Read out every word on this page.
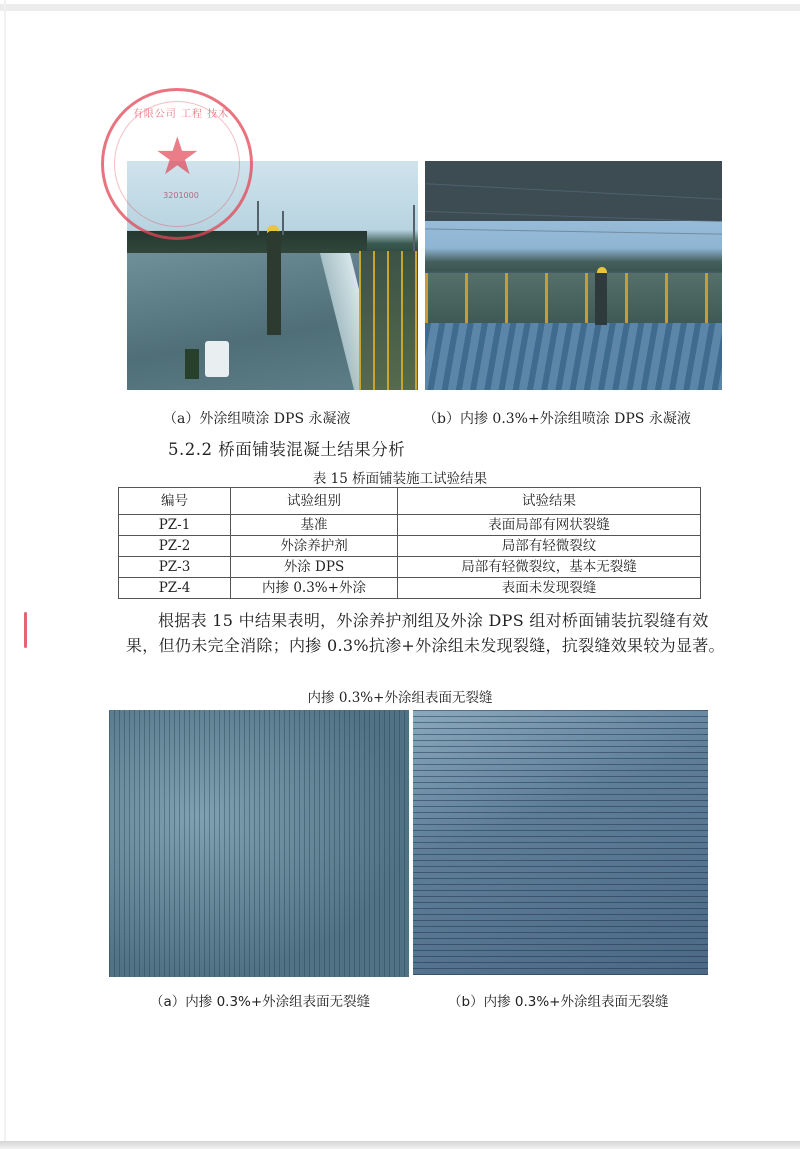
有限公司 工程 技术
★
3201000
（a）外涂组喷涂 DPS 永凝液	（b）内掺 0.3%+外涂组喷涂 DPS 永凝液
5.2.2 桥面铺装混凝土结果分析
表 15 桥面铺装施工试验结果
编号	试验组别	试验结果
PZ-1	基准	表面局部有网状裂缝
PZ-2	外涂养护剂	局部有轻微裂纹
PZ-3	外涂 DPS	局部有轻微裂纹，基本无裂缝
PZ-4	内掺 0.3%+外涂	表面未发现裂缝
根据表 15 中结果表明，外涂养护剂组及外涂 DPS 组对桥面铺装抗裂缝有效果，但仍未完全消除；内掺 0.3%抗渗+外涂组未发现裂缝，抗裂缝效果较为显著。
内掺 0.3%+外涂组表面无裂缝
（a）内掺 0.3%+外涂组表面无裂缝	（b）内掺 0.3%+外涂组表面无裂缝
